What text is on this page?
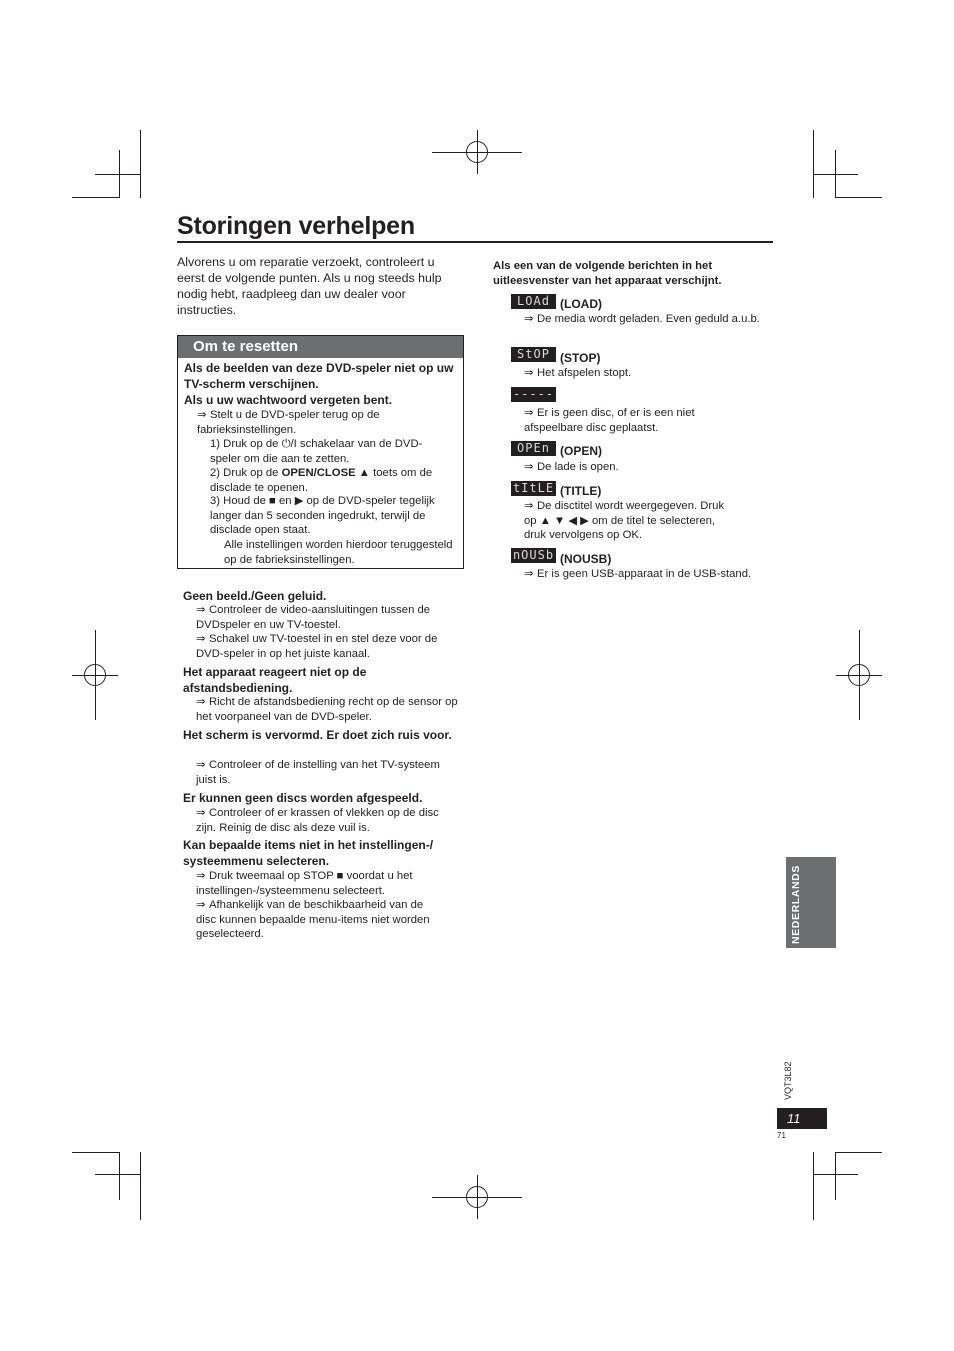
Storingen verhelpen
Alvorens u om reparatie verzoekt, controleert u eerst de volgende punten. Als u nog steeds hulp nodig hebt, raadpleeg dan uw dealer voor instructies.
Om te resetten
Als de beelden van deze DVD-speler niet op uw TV-scherm verschijnen.
Als u uw wachtwoord vergeten bent.
⇒ Stelt u de DVD-speler terug op de fabrieksinstellingen.
1) Druk op de ⏻/I schakelaar van de DVD-speler om die aan te zetten.
2) Druk op de OPEN/CLOSE ▲ toets om de disclade te openen.
3) Houd de ■ en ▶ op de DVD-speler tegelijk langer dan 5 seconden ingedrukt, terwijl de disclade open staat.
Alle instellingen worden hierdoor teruggesteld op de fabrieksinstellingen.
Geen beeld./Geen geluid.
⇒ Controleer de video-aansluitingen tussen de DVDspeler en uw TV-toestel.
⇒ Schakel uw TV-toestel in en stel deze voor de DVD-speler in op het juiste kanaal.
Het apparaat reageert niet op de afstandsbediening.
⇒ Richt de afstandsbediening recht op de sensor op het voorpaneel van de DVD-speler.
Het scherm is vervormd. Er doet zich ruis voor.
⇒ Controleer of de instelling van het TV-systeem juist is.
Er kunnen geen discs worden afgespeeld.
⇒ Controleer of er krassen of vlekken op de disc zijn. Reinig de disc als deze vuil is.
Kan bepaalde items niet in het instellingen-/ systeemmenu selecteren.
⇒ Druk tweemaal op STOP ■ voordat u het instellingen-/systeemmenu selecteert.
⇒ Afhankelijk van de beschikbaarheid van de disc kunnen bepaalde menu-items niet worden geselecteerd.
Als een van de volgende berichten in het uitleesvenster van het apparaat verschijnt.
LOAd (LOAD)
⇒ De media wordt geladen. Even geduld a.u.b.
StOP (STOP)
⇒ Het afspelen stopt.
-----
⇒ Er is geen disc, of er is een niet afspeelbare disc geplaatst.
OPEn (OPEN)
⇒ De lade is open.
tItLE (TITLE)
⇒ De disctitel wordt weergegeven. Druk op ▲ ▼ ◀ ▶ om de titel te selecteren, druk vervolgens op OK.
nOUSb (NOUSB)
⇒ Er is geen USB-apparaat in de USB-stand.
NEDERLANDS
VQT3L82
11
71
